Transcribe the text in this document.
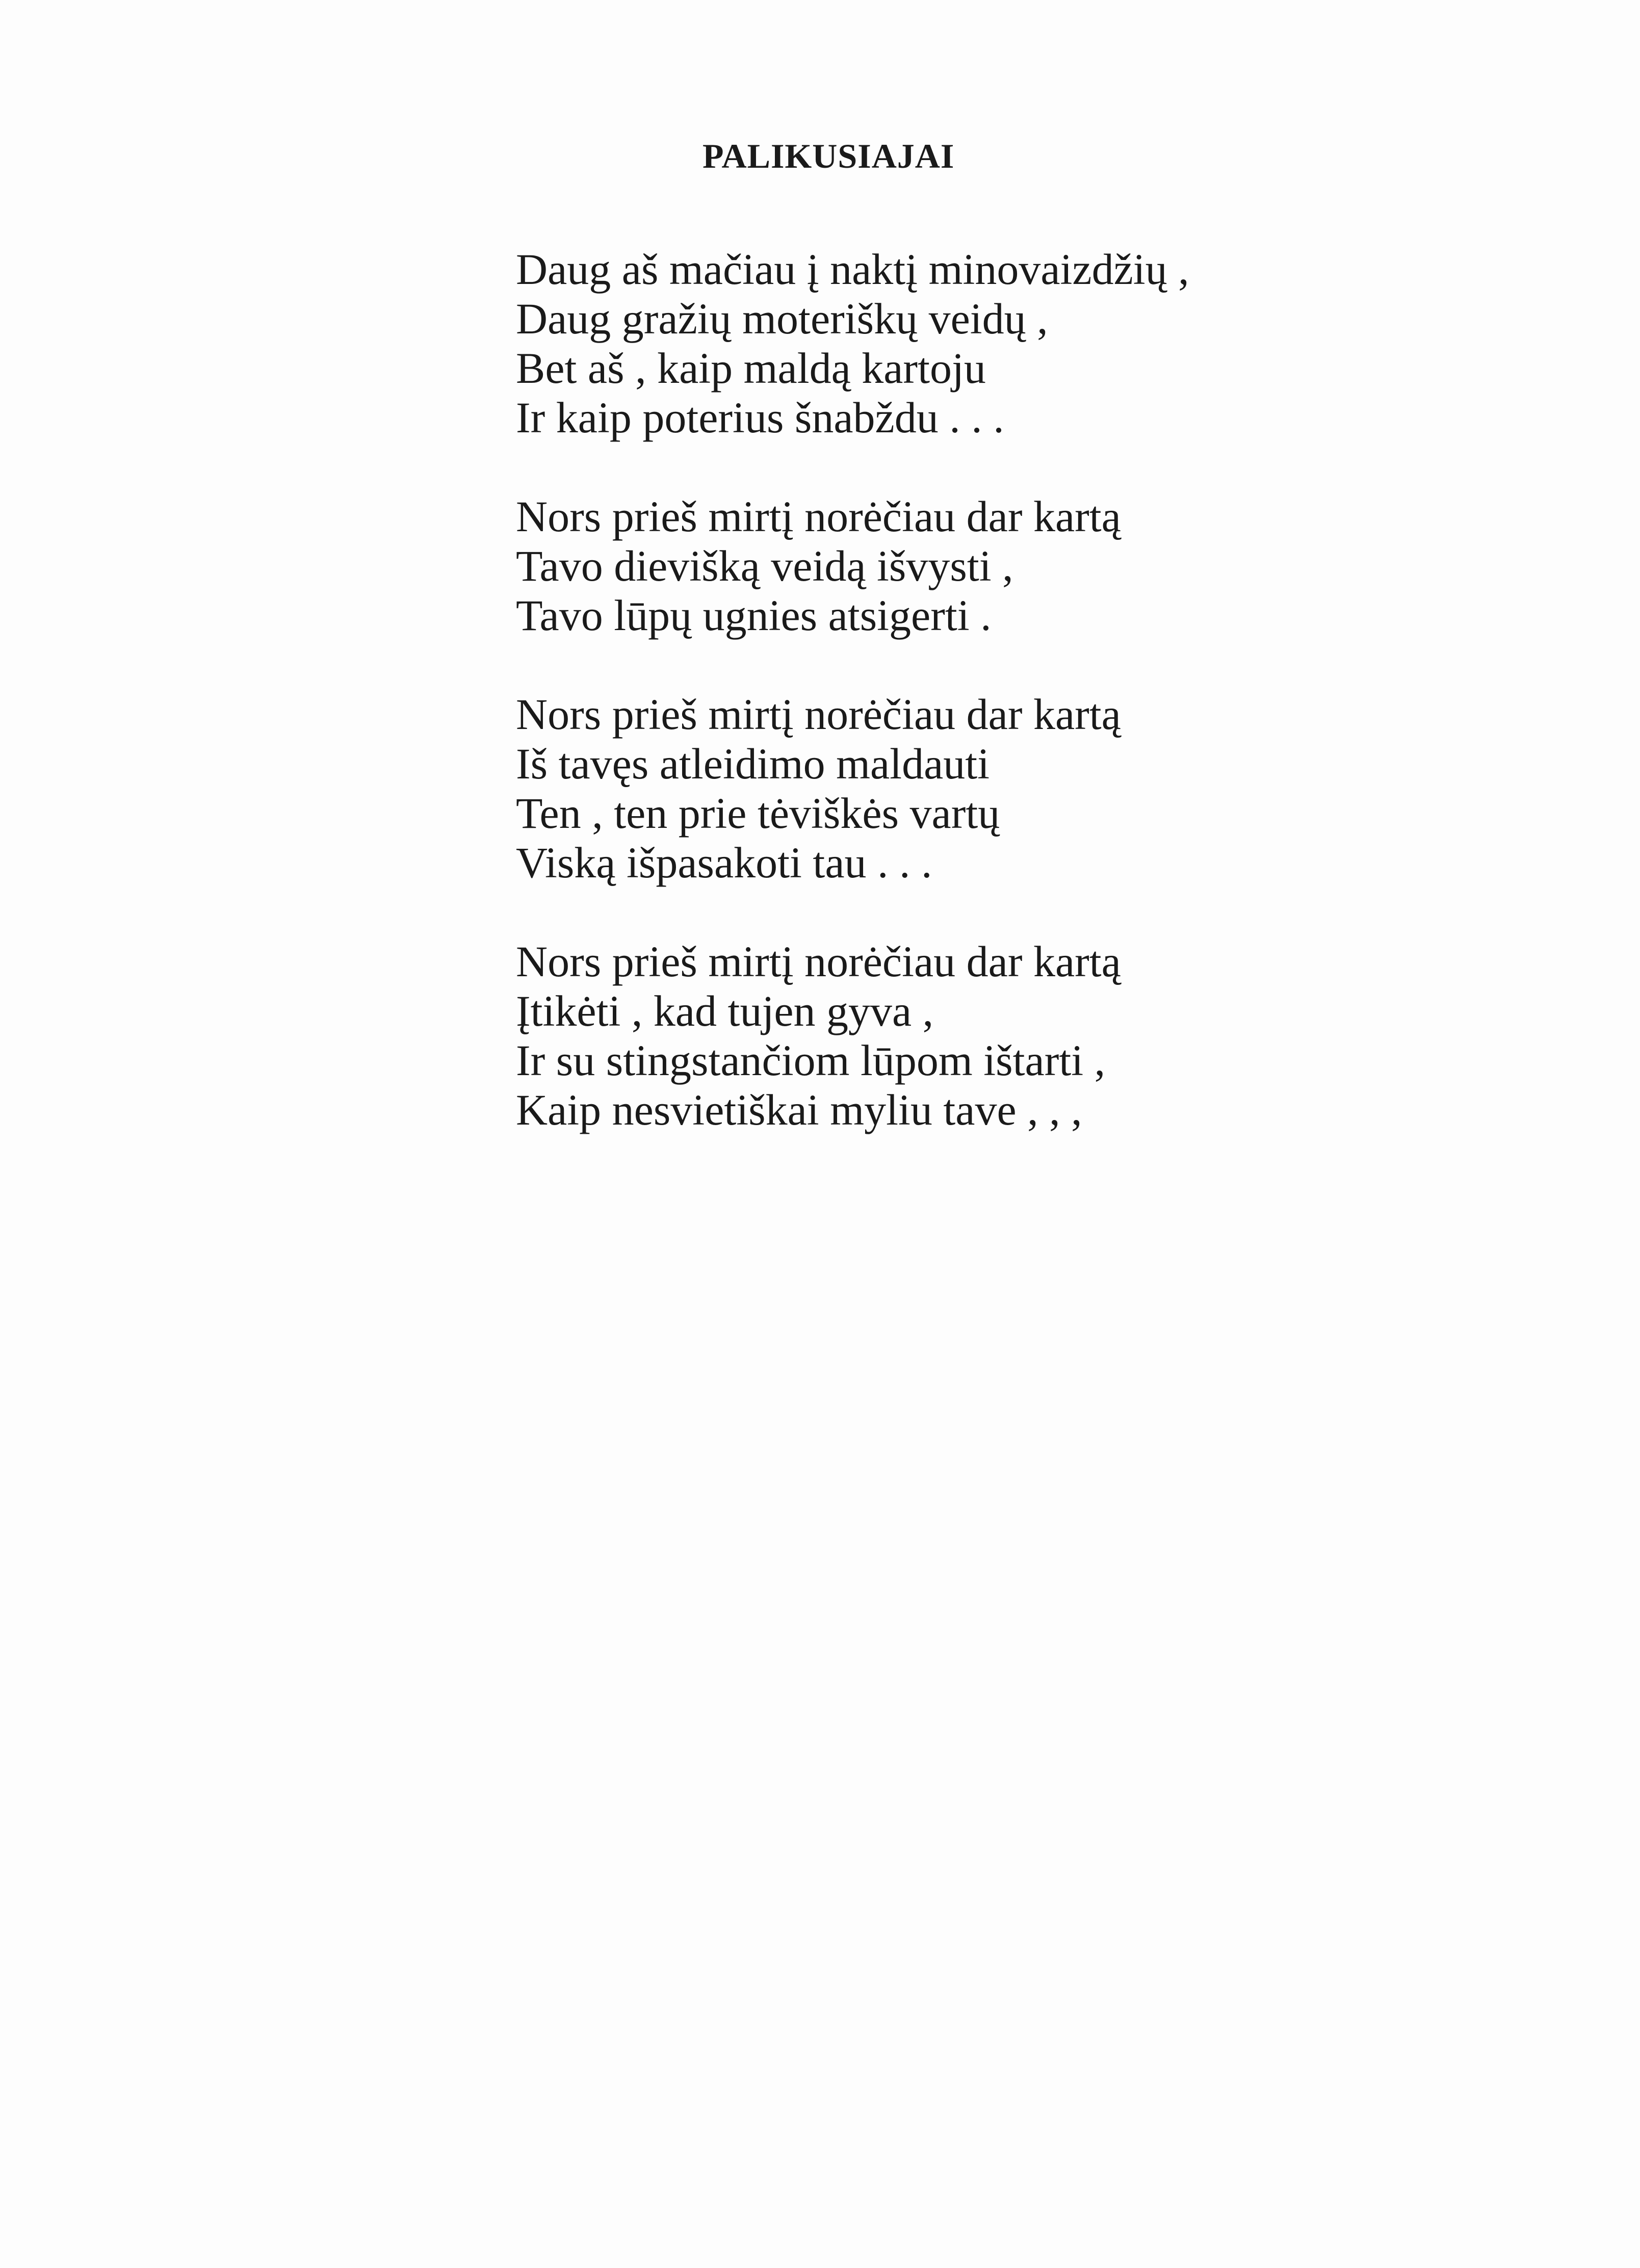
PALIKUSIAJAI
Daug aš mačiau į naktį minovaizdžių ,
Daug gražių moteriškų veidų ,
Bet aš , kaip maldą kartoju
Ir kaip poterius šnabždu . . .
Nors prieš mirtį norėčiau dar kartą
Tavo dievišką veidą išvysti ,
Tavo lūpų ugnies atsigerti .
Nors prieš mirtį norėčiau dar kartą
Iš tavęs atleidimo maldauti
Ten , ten prie tėviškės vartų
Viską išpasakoti tau . . .
Nors prieš mirtį norėčiau dar kartą
Įtikėti , kad tujen gyva ,
Ir su stingstančiom lūpom ištarti ,
Kaip nesvietiškai myliu tave , , ,
